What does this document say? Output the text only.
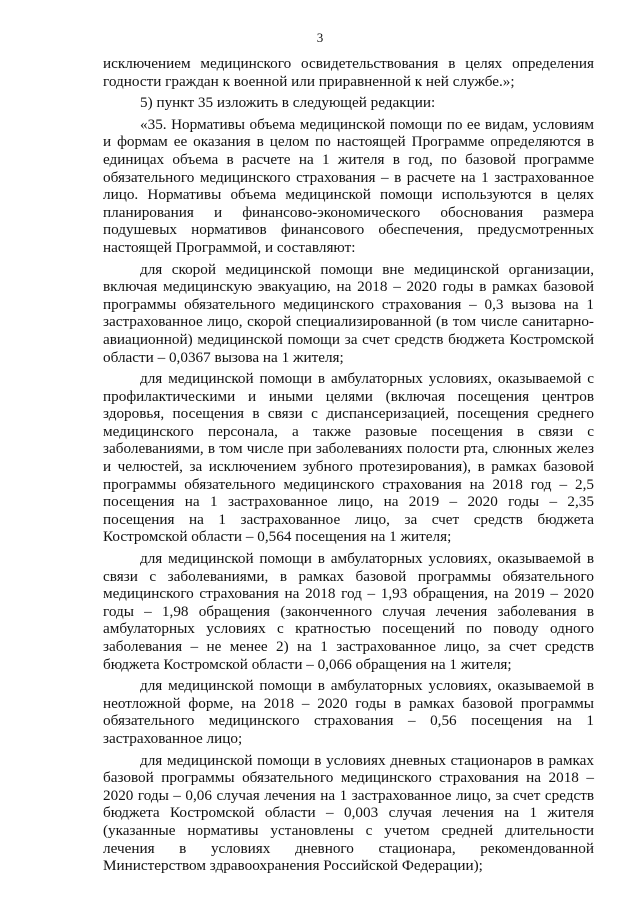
3

исключением медицинского освидетельствования в целях определения годности граждан к военной или приравненной к ней службе.»;

5) пункт 35 изложить в следующей редакции:

«35. Нормативы объема медицинской помощи по ее видам, условиям и формам ее оказания в целом по настоящей Программе определяются в единицах объема в расчете на 1 жителя в год, по базовой программе обязательного медицинского страхования – в расчете на 1 застрахованное лицо. Нормативы объема медицинской помощи используются в целях планирования и финансово-экономического обоснования размера подушевых нормативов финансового обеспечения, предусмотренных настоящей Программой, и составляют:

для скорой медицинской помощи вне медицинской организации, включая медицинскую эвакуацию, на 2018 – 2020 годы в рамках базовой программы обязательного медицинского страхования – 0,3 вызова на 1 застрахованное лицо, скорой специализированной (в том числе санитарно-авиационной) медицинской помощи за счет средств бюджета Костромской области – 0,0367 вызова на 1 жителя;

для медицинской помощи в амбулаторных условиях, оказываемой с профилактическими и иными целями (включая посещения центров здоровья, посещения в связи с диспансеризацией, посещения среднего медицинского персонала, а также разовые посещения в связи с заболеваниями, в том числе при заболеваниях полости рта, слюнных желез и челюстей, за исключением зубного протезирования), в рамках базовой программы обязательного медицинского страхования на 2018 год – 2,5 посещения на 1 застрахованное лицо, на 2019 – 2020 годы – 2,35 посещения на 1 застрахованное лицо, за счет средств бюджета Костромской области – 0,564 посещения на 1 жителя;

для медицинской помощи в амбулаторных условиях, оказываемой в связи с заболеваниями, в рамках базовой программы обязательного медицинского страхования на 2018 год – 1,93 обращения, на 2019 – 2020 годы – 1,98 обращения (законченного случая лечения заболевания в амбулаторных условиях с кратностью посещений по поводу одного заболевания – не менее 2) на 1 застрахованное лицо, за счет средств бюджета Костромской области – 0,066 обращения на 1 жителя;

для медицинской помощи в амбулаторных условиях, оказываемой в неотложной форме, на 2018 – 2020 годы в рамках базовой программы обязательного медицинского страхования – 0,56 посещения на 1 застрахованное лицо;

для медицинской помощи в условиях дневных стационаров в рамках базовой программы обязательного медицинского страхования на 2018 – 2020 годы – 0,06 случая лечения на 1 застрахованное лицо, за счет средств бюджета Костромской области – 0,003 случая лечения на 1 жителя (указанные нормативы установлены с учетом средней длительности лечения в условиях дневного стационара, рекомендованной Министерством здравоохранения Российской Федерации);
